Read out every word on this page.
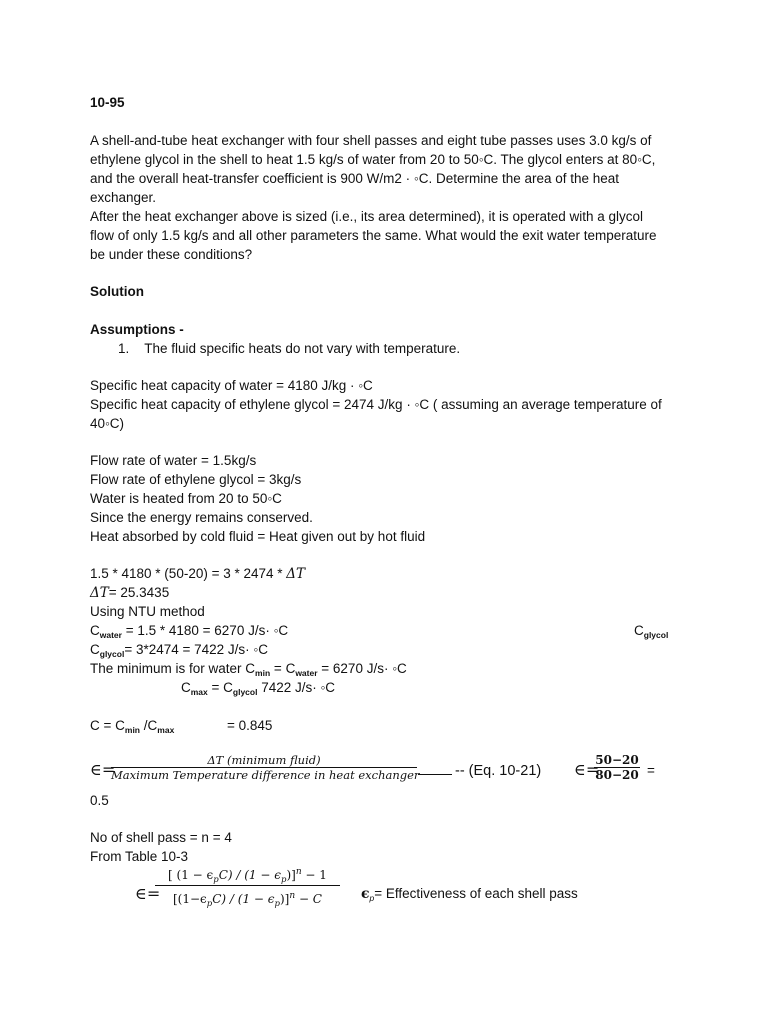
10-95
A shell-and-tube heat exchanger with four shell passes and eight tube passes uses 3.0 kg/s of
ethylene glycol in the shell to heat 1.5 kg/s of water from 20 to 50◦C. The glycol enters at 80◦C,
and the overall heat-transfer coefficient is 900 W/m2 · ◦C. Determine the area of the heat
exchanger.
After the heat exchanger above is sized (i.e., its area determined), it is operated with a glycol
flow of only 1.5 kg/s and all other parameters the same. What would the exit water temperature
be under these conditions?
Solution
Assumptions -
1.    The fluid specific heats do not vary with temperature.
Specific heat capacity of water = 4180 J/kg · ◦C
Specific heat capacity of ethylene glycol = 2474 J/kg · ◦C ( assuming an average temperature of
40◦C)
Flow rate of water = 1.5kg/s
Flow rate of ethylene glycol = 3kg/s
Water is heated from 20 to 50◦C
Since the energy remains conserved.
Heat absorbed by cold fluid = Heat given out by hot fluid
1.5 * 4180 * (50-20) = 3 * 2474 * ΔT
ΔT= 25.3435
Using NTU method
$C_{water} = 1.5 * 4180 = 6270$ J/s· ◦C	$C_{glycol}$
$C_{glycol}= 3*2474 = 7422$ J/s· ◦C
The minimum is for water $C_{min} = C_{water} = 6270$ J/s· ◦C
$C_{max} = C_{glycol}$ 7422 J/s· ◦C
$C = C_{min}$ $/C_{max}$	= 0.845
∈=	ΔT (minimum fluid)
Maximum Temperature difference in heat exchanger -- (Eq. 10-21) ∈=
50−20
80−20 =
0.5
No of shell pass = n = 4
From Table 10-3
∈=
[ $(1 - \epsilon_pC) / (1 - \epsilon_p)]^n - 1$
$[(1-\epsilon_pC) / (1 - \epsilon_p)]^n - C$	$\epsilon_p=$ Effectiveness of each shell pass
